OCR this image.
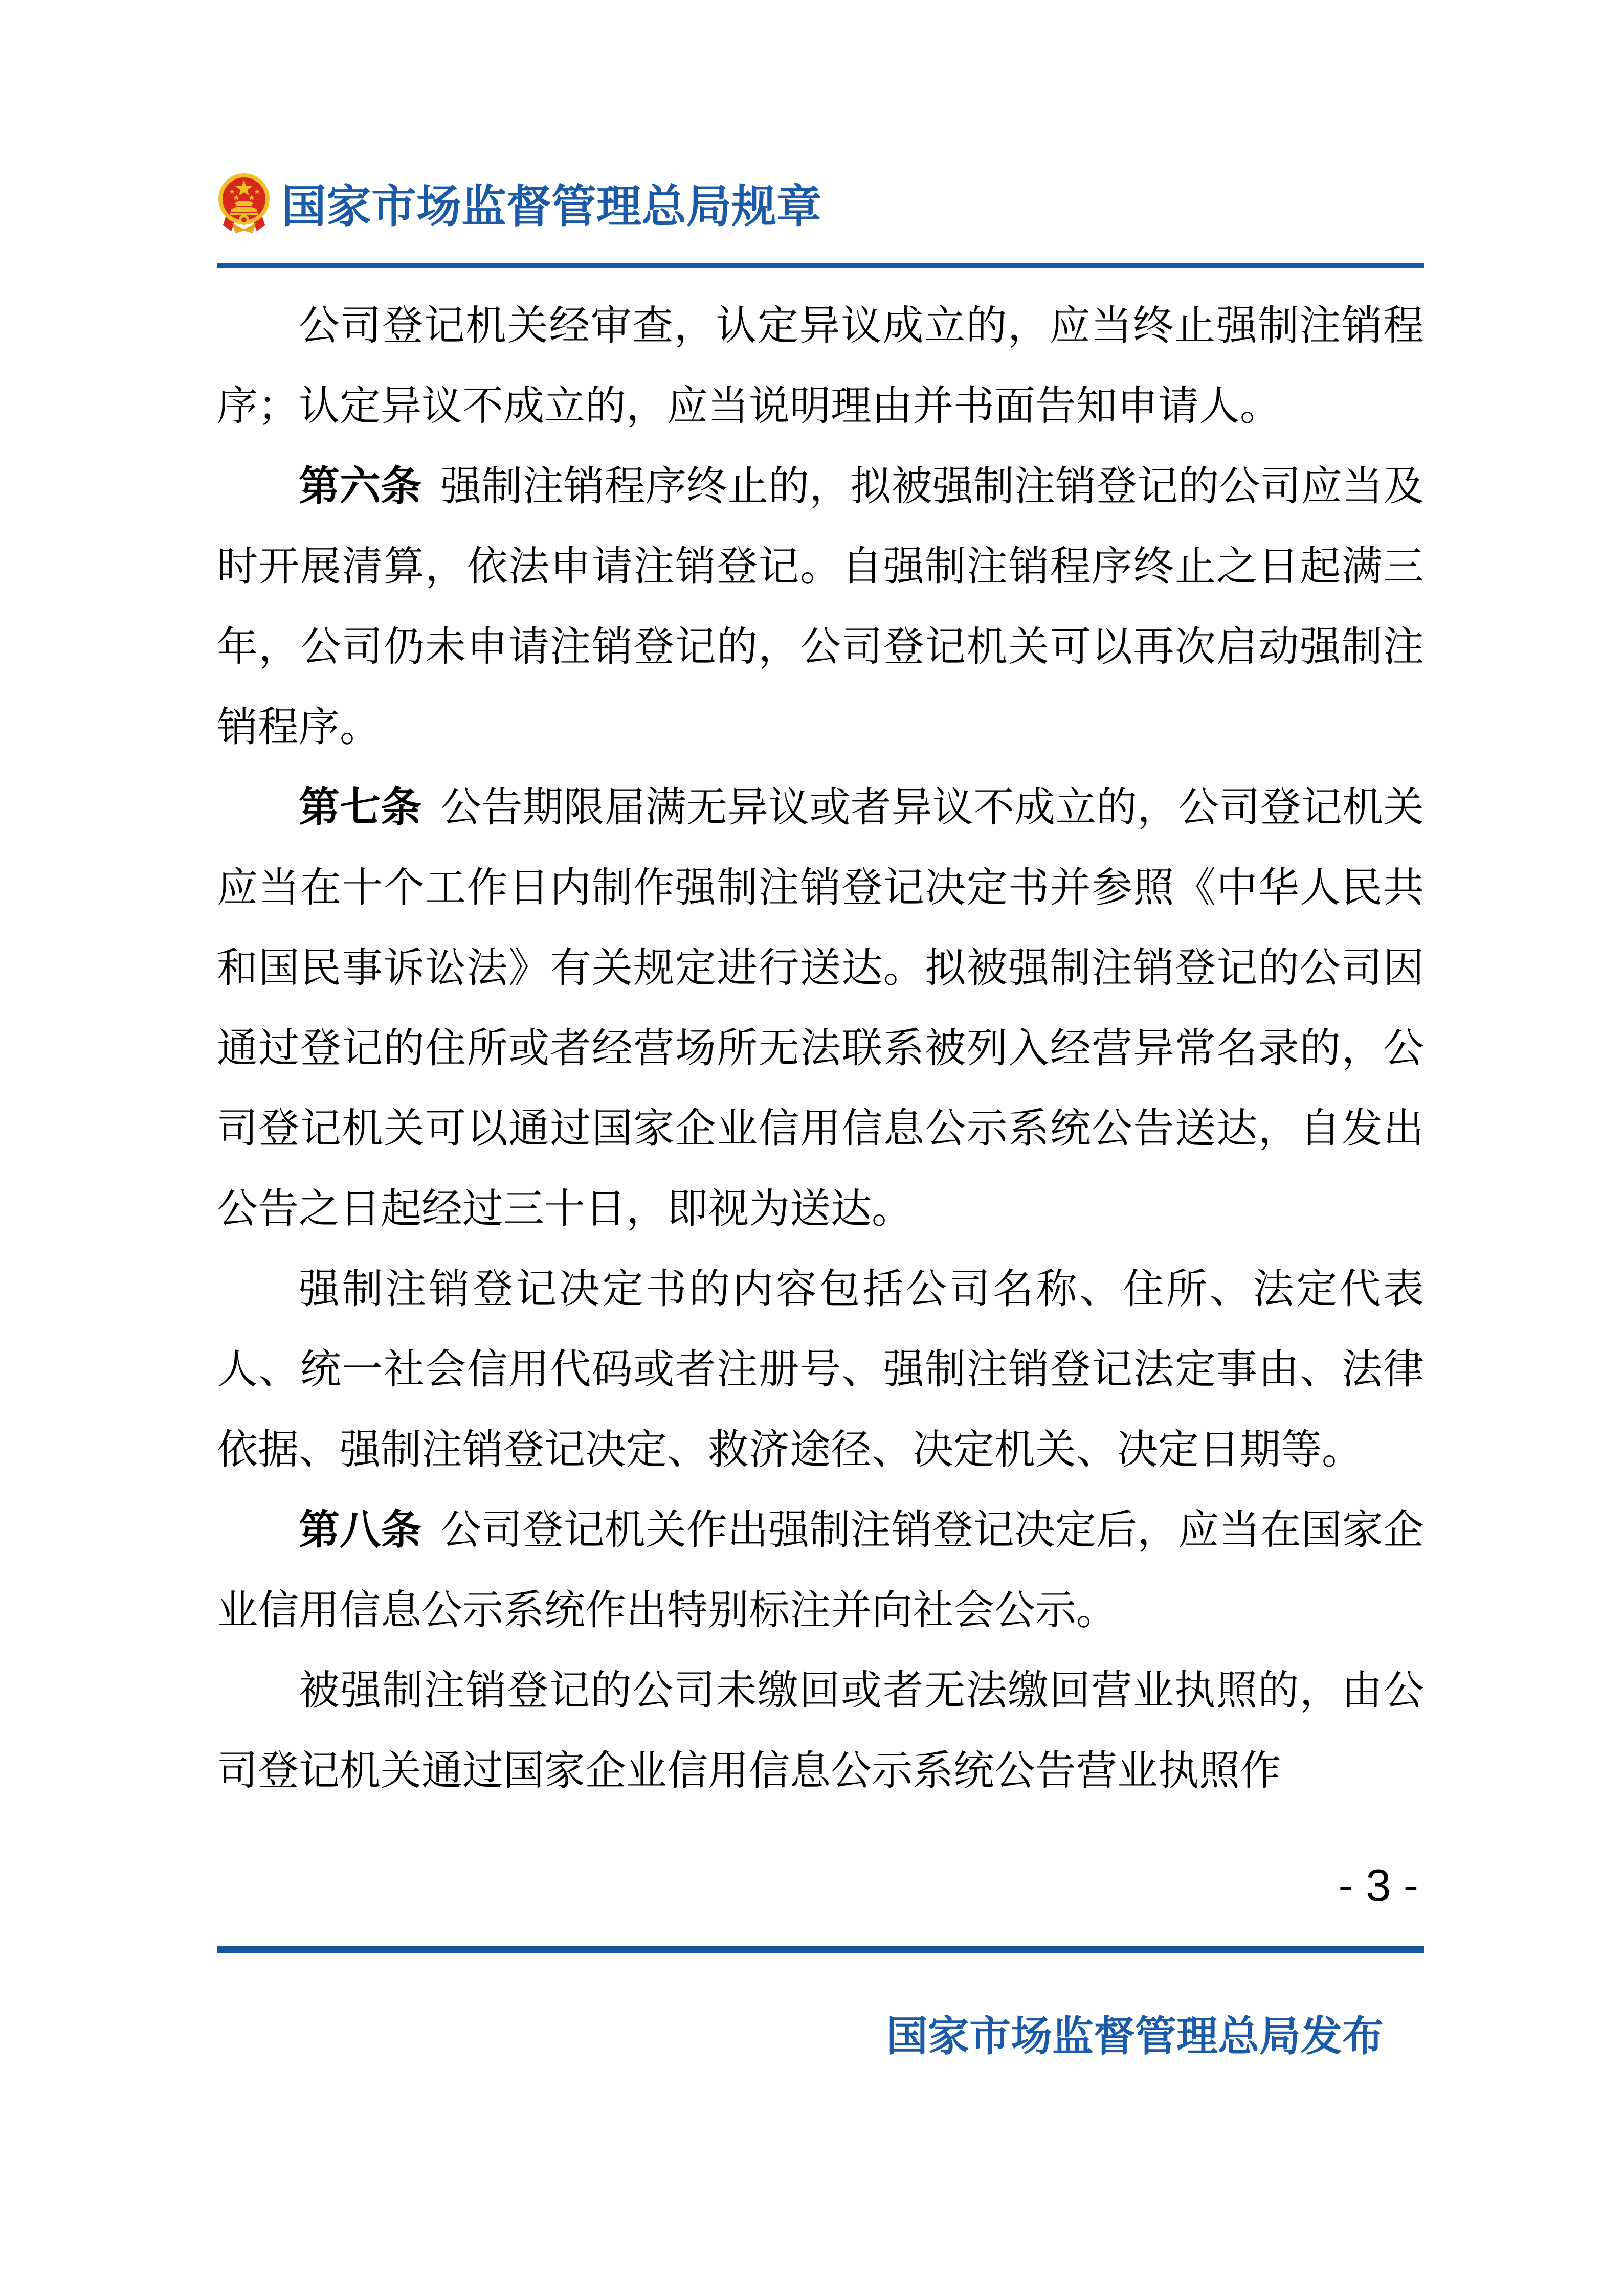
国家市场监督管理总局规章

公司登记机关经审查，认定异议成立的，应当终止强制注销程序；认定异议不成立的，应当说明理由并书面告知申请人。

第六条 强制注销程序终止的，拟被强制注销登记的公司应当及时开展清算，依法申请注销登记。自强制注销程序终止之日起满三年，公司仍未申请注销登记的，公司登记机关可以再次启动强制注销程序。

第七条 公告期限届满无异议或者异议不成立的，公司登记机关应当在十个工作日内制作强制注销登记决定书并参照《中华人民共和国民事诉讼法》有关规定进行送达。拟被强制注销登记的公司因通过登记的住所或者经营场所无法联系被列入经营异常名录的，公司登记机关可以通过国家企业信用信息公示系统公告送达，自发出公告之日起经过三十日，即视为送达。

强制注销登记决定书的内容包括公司名称、住所、法定代表人、统一社会信用代码或者注册号、强制注销登记法定事由、法律依据、强制注销登记决定、救济途径、决定机关、决定日期等。

第八条 公司登记机关作出强制注销登记决定后，应当在国家企业信用信息公示系统作出特别标注并向社会公示。

被强制注销登记的公司未缴回或者无法缴回营业执照的，由公司登记机关通过国家企业信用信息公示系统公告营业执照作

- 3 -
国家市场监督管理总局发布
